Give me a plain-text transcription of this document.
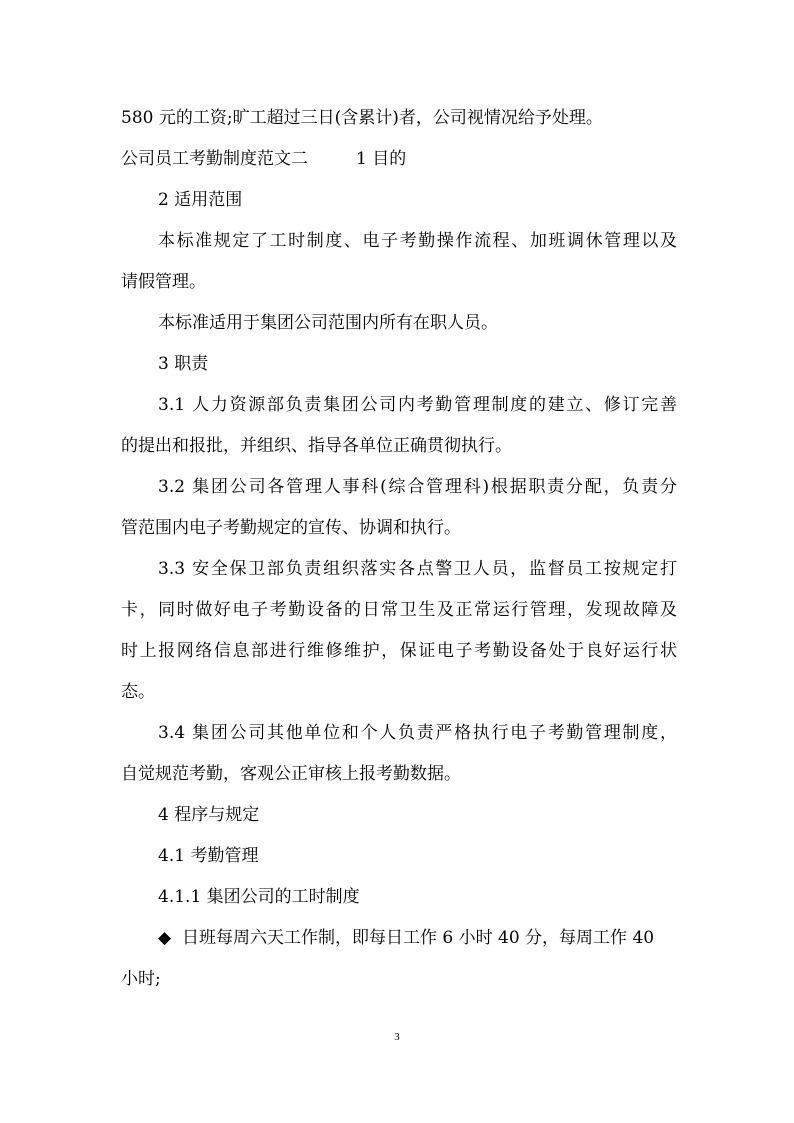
580 元的工资;旷工超过三日(含累计)者，公司视情况给予处理。
公司员工考勤制度范文二	1 目的
2 适用范围
本标准规定了工时制度、电子考勤操作流程、加班调休管理以及
请假管理。
本标准适用于集团公司范围内所有在职人员。
3 职责
3.1 人力资源部负责集团公司内考勤管理制度的建立、修订完善
的提出和报批，并组织、指导各单位正确贯彻执行。
3.2 集团公司各管理人事科(综合管理科)根据职责分配，负责分
管范围内电子考勤规定的宣传、协调和执行。
3.3 安全保卫部负责组织落实各点警卫人员，监督员工按规定打
卡，同时做好电子考勤设备的日常卫生及正常运行管理，发现故障及
时上报网络信息部进行维修维护，保证电子考勤设备处于良好运行状
态。
3.4 集团公司其他单位和个人负责严格执行电子考勤管理制度，
自觉规范考勤，客观公正审核上报考勤数据。
4 程序与规定
4.1 考勤管理
4.1.1 集团公司的工时制度
◆ 日班每周六天工作制，即每日工作 6 小时 40 分，每周工作 40
小时;
3
